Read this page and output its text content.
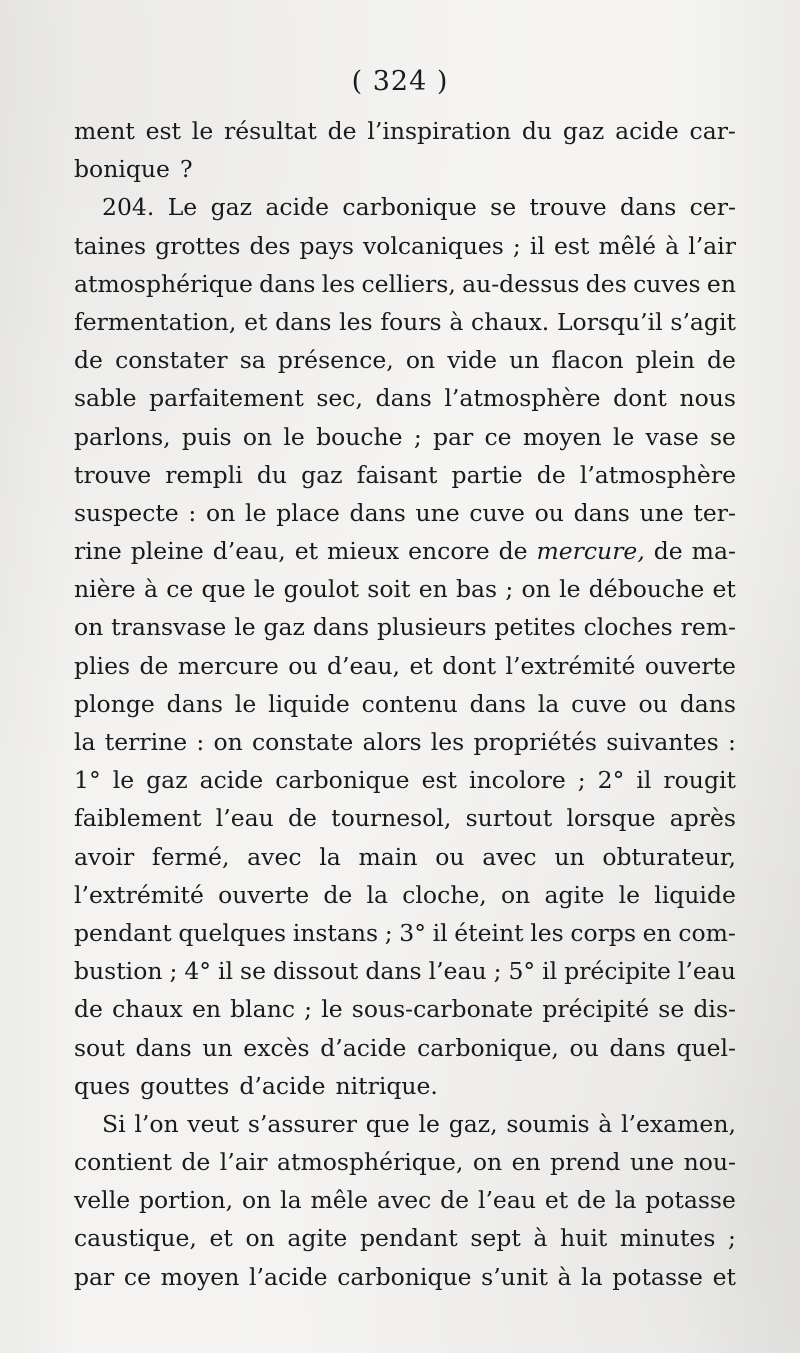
( 324 )
ment est le résultat de l’inspiration du gaz acide car-
bonique ?
204. Le gaz acide carbonique se trouve dans cer-
taines grottes des pays volcaniques ; il est mêlé à l’air
atmosphérique dans les celliers, au-dessus des cuves en
fermentation, et dans les fours à chaux. Lorsqu’il s’agit
de constater sa présence, on vide un flacon plein de
sable parfaitement sec, dans l’atmosphère dont nous
parlons, puis on le bouche ; par ce moyen le vase se
trouve rempli du gaz faisant partie de l’atmosphère
suspecte : on le place dans une cuve ou dans une ter-
rine pleine d’eau, et mieux encore de mercure, de ma-
nière à ce que le goulot soit en bas ; on le débouche et
on transvase le gaz dans plusieurs petites cloches rem-
plies de mercure ou d’eau, et dont l’extrémité ouverte
plonge dans le liquide contenu dans la cuve ou dans
la terrine : on constate alors les propriétés suivantes :
1° le gaz acide carbonique est incolore ; 2° il rougit
faiblement l’eau de tournesol, surtout lorsque après
avoir fermé, avec la main ou avec un obturateur,
l’extrémité ouverte de la cloche, on agite le liquide
pendant quelques instans ; 3° il éteint les corps en com-
bustion ; 4° il se dissout dans l’eau ; 5° il précipite l’eau
de chaux en blanc ; le sous-carbonate précipité se dis-
sout dans un excès d’acide carbonique, ou dans quel-
ques gouttes d’acide nitrique.
Si l’on veut s’assurer que le gaz, soumis à l’examen,
contient de l’air atmosphérique, on en prend une nou-
velle portion, on la mêle avec de l’eau et de la potasse
caustique, et on agite pendant sept à huit minutes ;
par ce moyen l’acide carbonique s’unit à la potasse et
